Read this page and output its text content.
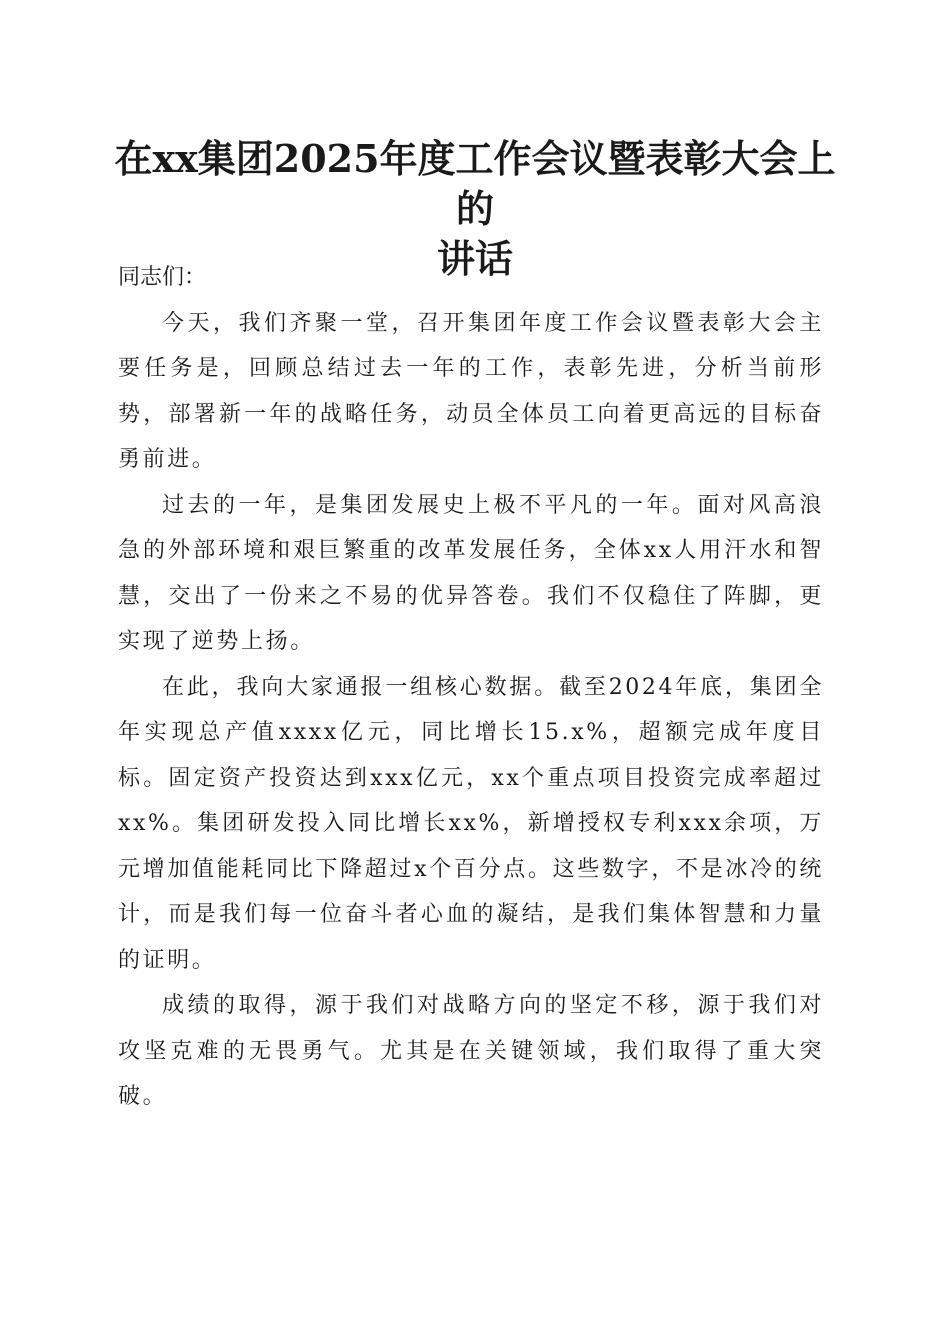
在xx集团2025年度工作会议暨表彰大会上的
讲话

同志们：

今天，我们齐聚一堂，召开集团年度工作会议暨表彰大会主要任务是，回顾总结过去一年的工作，表彰先进，分析当前形势，部署新一年的战略任务，动员全体员工向着更高远的目标奋勇前进。

过去的一年，是集团发展史上极不平凡的一年。面对风高浪急的外部环境和艰巨繁重的改革发展任务，全体xx人用汗水和智慧，交出了一份来之不易的优异答卷。我们不仅稳住了阵脚，更实现了逆势上扬。

在此，我向大家通报一组核心数据。截至2024年底，集团全年实现总产值xxxx亿元，同比增长15.x%，超额完成年度目标。固定资产投资达到xxx亿元，xx个重点项目投资完成率超过xx%。集团研发投入同比增长xx%，新增授权专利xxx余项，万元增加值能耗同比下降超过x个百分点。这些数字，不是冰冷的统计，而是我们每一位奋斗者心血的凝结，是我们集体智慧和力量的证明。

成绩的取得，源于我们对战略方向的坚定不移，源于我们对攻坚克难的无畏勇气。尤其是在关键领域，我们取得了重大突破。
